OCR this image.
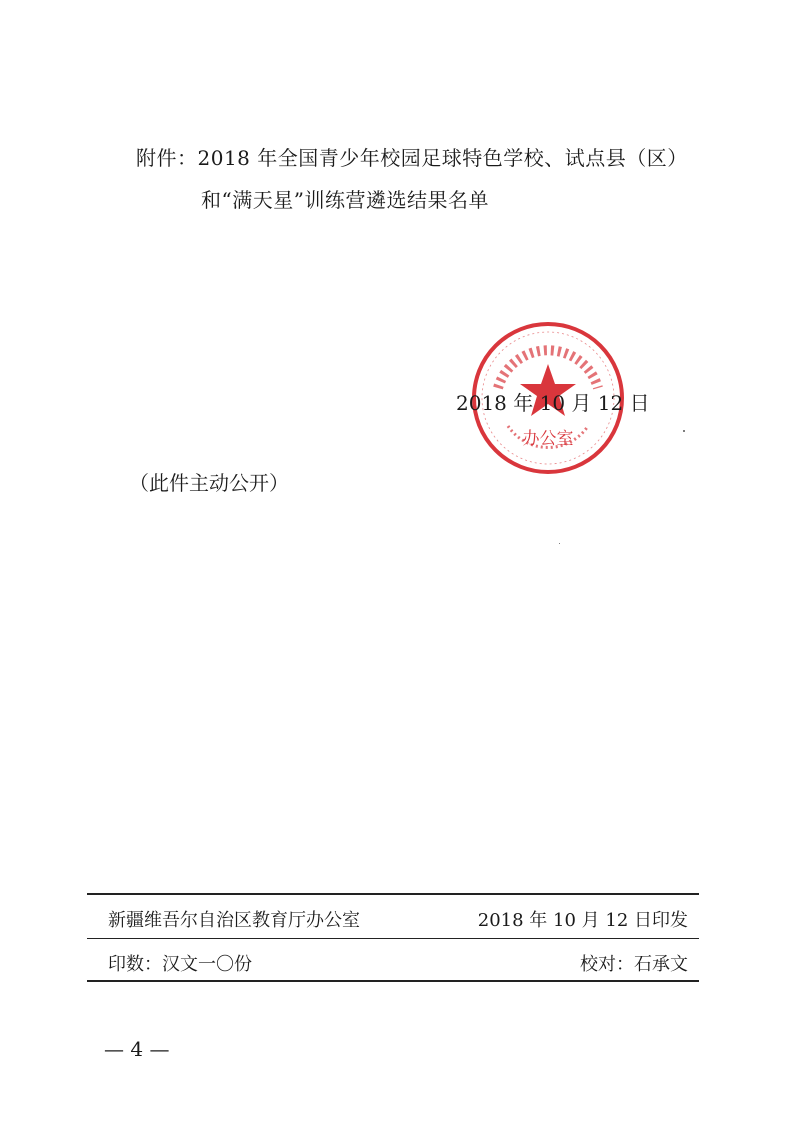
附件：2018 年全国青少年校园足球特色学校、试点县（区）
和“满天星”训练营遴选结果名单
办公室
2018 年 10 月 12 日
（此件主动公开）
新疆维吾尔自治区教育厅办公室	2018 年 10 月 12 日印发
印数：汉文一〇份	校对：石承文
— 4 —
